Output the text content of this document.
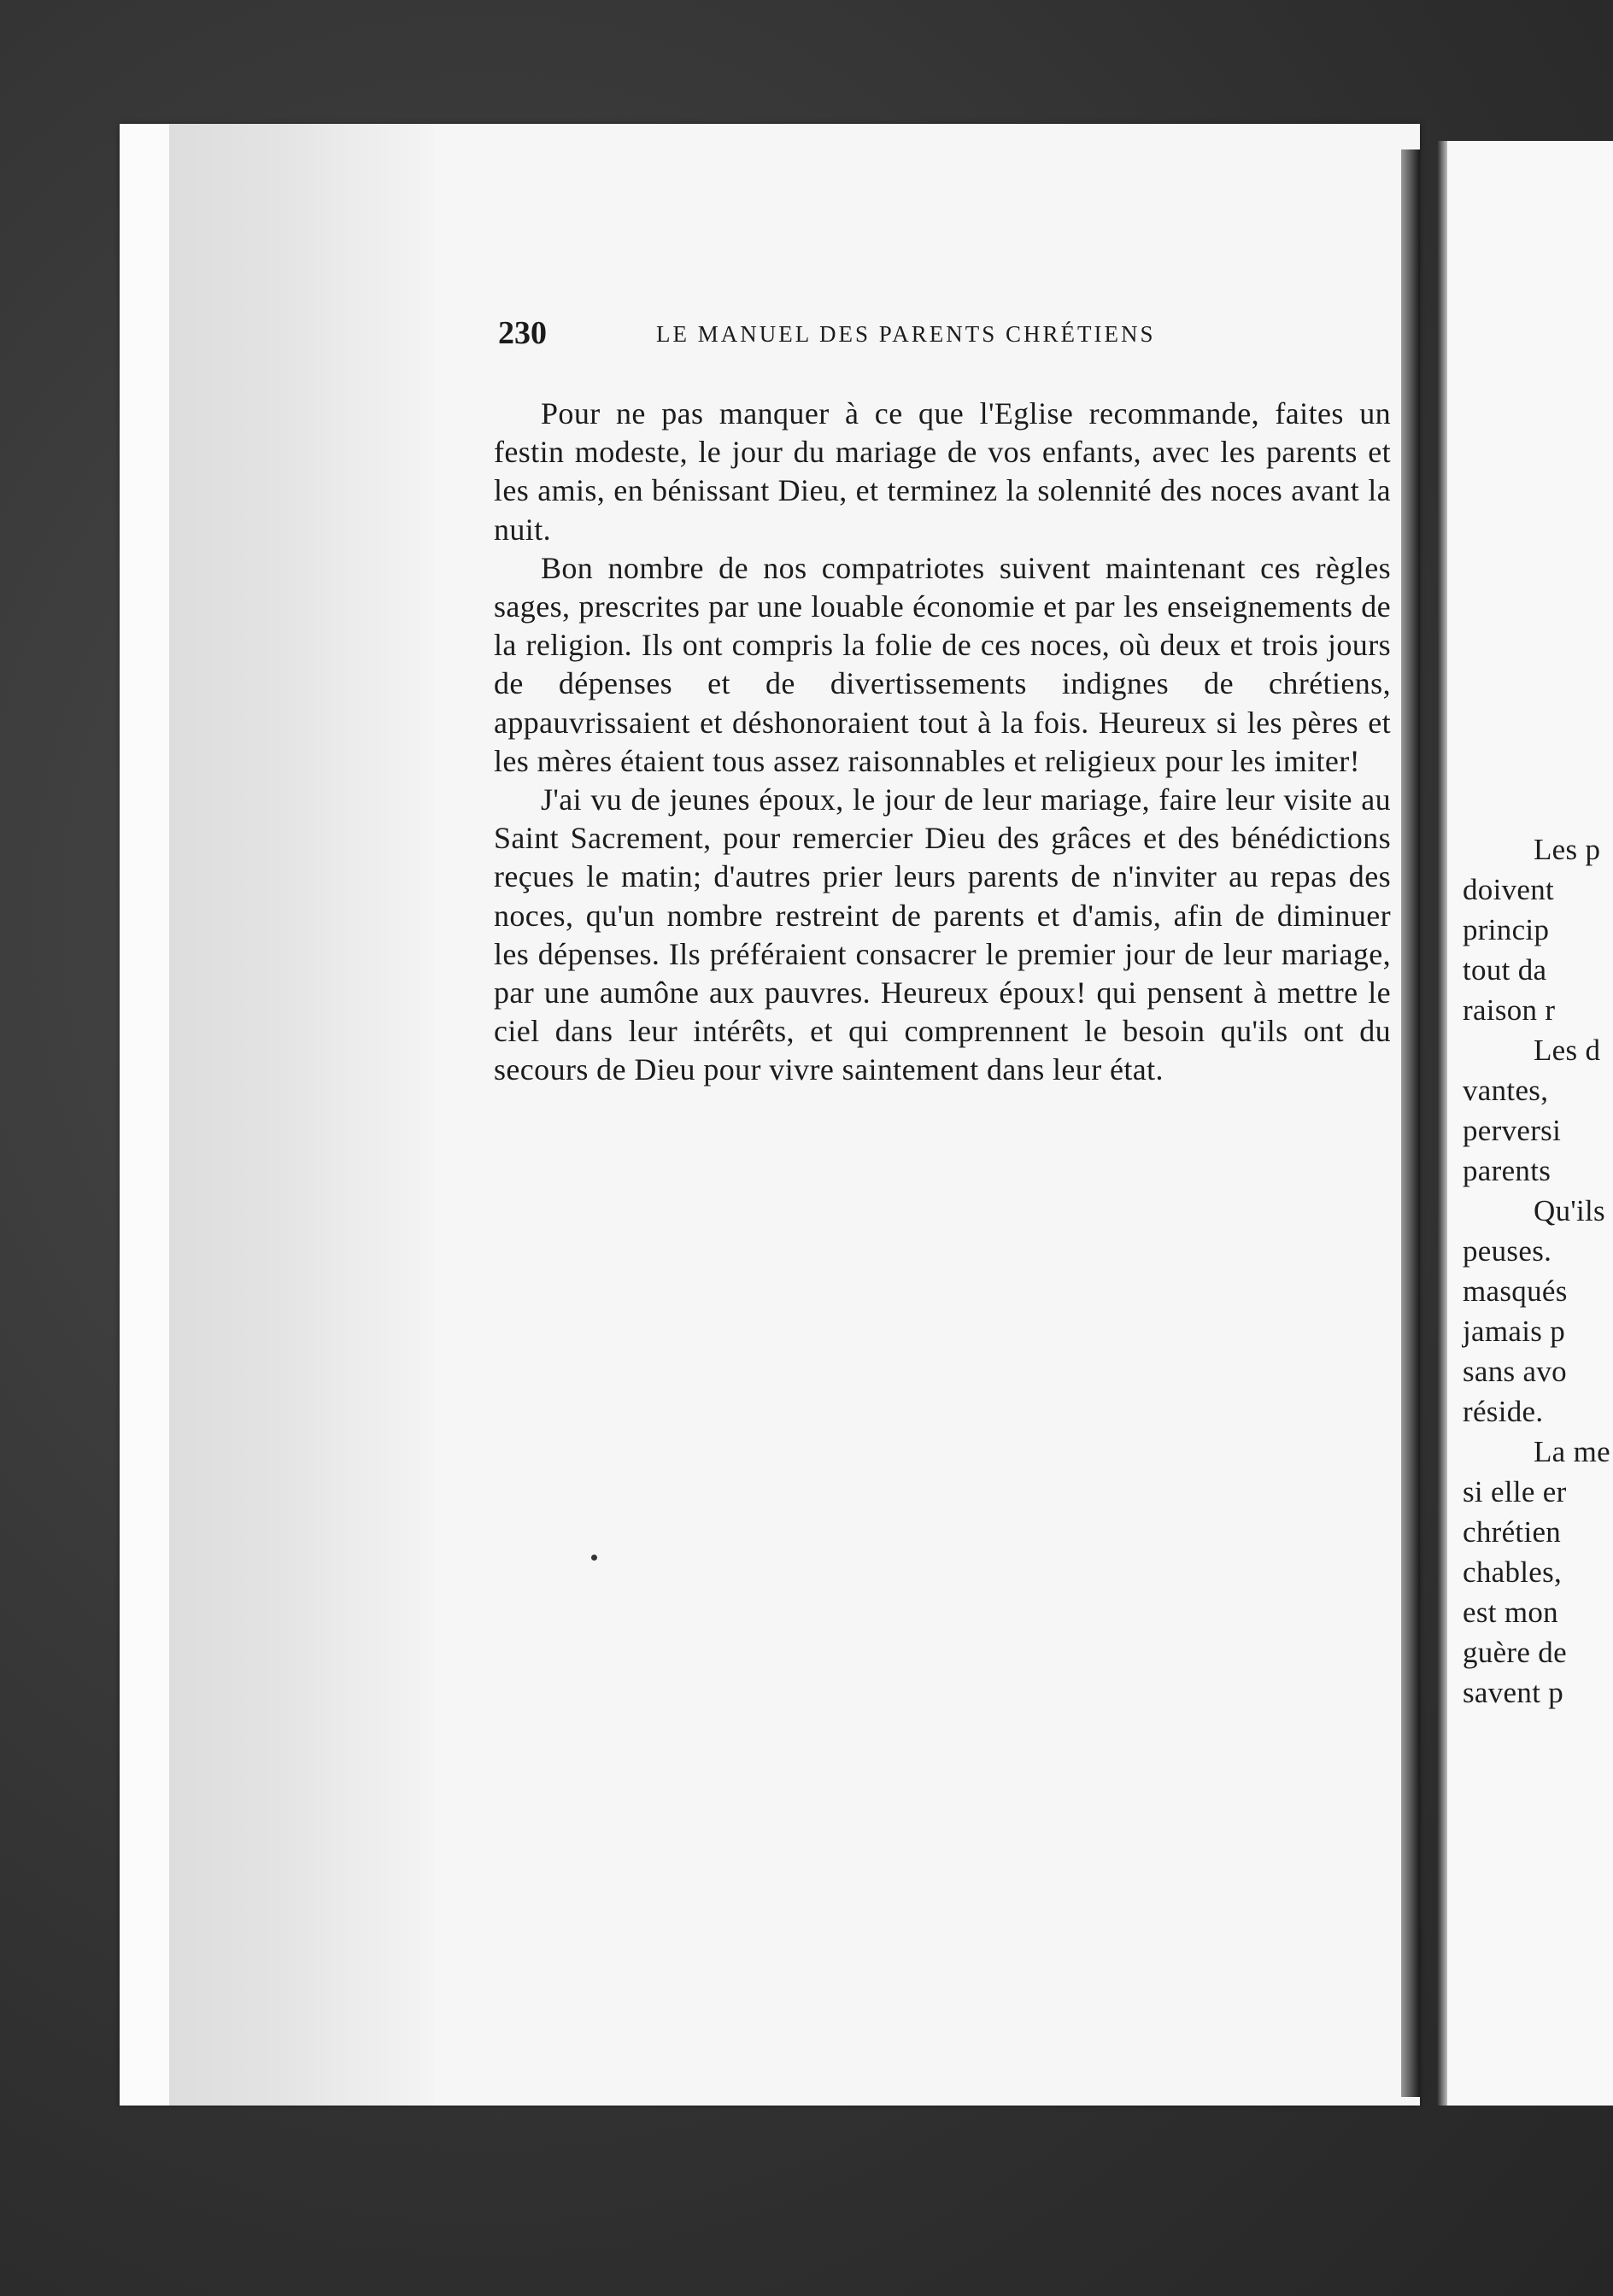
230	LE MANUEL DES PARENTS CHRÉTIENS

Pour ne pas manquer à ce que l'Eglise recommande, faites un festin modeste, le jour du mariage de vos enfants, avec les parents et les amis, en bénissant Dieu, et terminez la solennité des noces avant la nuit.

Bon nombre de nos compatriotes suivent maintenant ces règles sages, prescrites par une louable économie et par les enseignements de la religion. Ils ont compris la folie de ces noces, où deux et trois jours de dépenses et de divertissements indignes de chrétiens, appauvrissaient et déshonoraient tout à la fois. Heureux si les pères et les mères étaient tous assez raisonnables et religieux pour les imiter!

J'ai vu de jeunes époux, le jour de leur mariage, faire leur visite au Saint Sacrement, pour remercier Dieu des grâces et des bénédictions reçues le matin; d'autres prier leurs parents de n'inviter au repas des noces, qu'un nombre restreint de parents et d'amis, afin de diminuer les dépenses. Ils préféraient consacrer le premier jour de leur mariage, par une aumône aux pauvres. Heureux époux! qui pensent à mettre le ciel dans leur intérêts, et qui comprennent le besoin qu'ils ont du secours de Dieu pour vivre saintement dans leur état.

Les p
doivent
princip
tout da
raison r
Les d
vantes,
perversi
parents
Qu'ils
peuses.
masqués
jamais p
sans avo
réside.
La me
si elle er
chrétien
chables,
est mon
guère de
savent p
